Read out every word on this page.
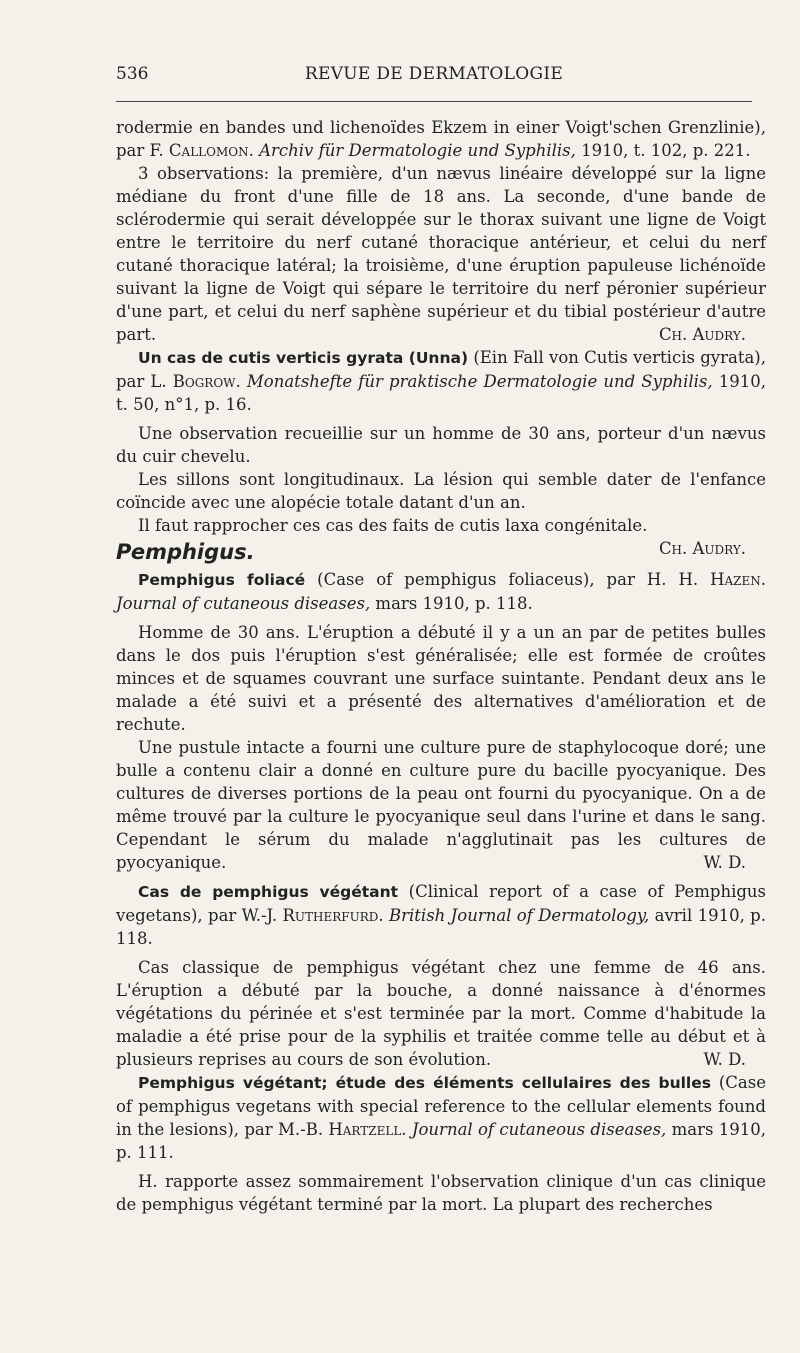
536	REVUE DE DERMATOLOGIE

rodermie en bandes und lichenoïdes Ekzem in einer Voigt'schen Grenzlinie), par F. Callomon. Archiv für Dermatologie und Syphilis, 1910, t. 102, p. 221.

3 observations: la première, d'un nævus linéaire développé sur la ligne médiane du front d'une fille de 18 ans. La seconde, d'une bande de sclérodermie qui serait développée sur le thorax suivant une ligne de Voigt entre le territoire du nerf cutané thoracique antérieur, et celui du nerf cutané thoracique latéral; la troisième, d'une éruption papuleuse lichénoïde suivant la ligne de Voigt qui sépare le territoire du nerf péronier supérieur d'une part, et celui du nerf saphène supérieur et du tibial postérieur d'autre part.	Ch. Audry.

Un cas de cutis verticis gyrata (Unna) (Ein Fall von Cutis verticis gyrata), par L. Bogrow. Monatshefte für praktische Dermatologie und Syphilis, 1910, t. 50, n°1, p. 16.

Une observation recueillie sur un homme de 30 ans, porteur d'un nævus du cuir chevelu.

Les sillons sont longitudinaux. La lésion qui semble dater de l'enfance coïncide avec une alopécie totale datant d'un an.

Il faut rapprocher ces cas des faits de cutis laxa congénitale.
Ch. Audry.

Pemphigus.

Pemphigus foliacé (Case of pemphigus foliaceus), par H. H. Hazen. Journal of cutaneous diseases, mars 1910, p. 118.

Homme de 30 ans. L'éruption a débuté il y a un an par de petites bulles dans le dos puis l'éruption s'est généralisée; elle est formée de croûtes minces et de squames couvrant une surface suintante. Pendant deux ans le malade a été suivi et a présenté des alternatives d'amélioration et de rechute.

Une pustule intacte a fourni une culture pure de staphylocoque doré; une bulle a contenu clair a donné en culture pure du bacille pyocyanique. Des cultures de diverses portions de la peau ont fourni du pyocyanique. On a de même trouvé par la culture le pyocyanique seul dans l'urine et dans le sang. Cependant le sérum du malade n'agglutinait pas les cultures de pyocyanique.	W. D.

Cas de pemphigus végétant (Clinical report of a case of Pemphigus vegetans), par W.-J. Rutherfurd. British Journal of Dermatology, avril 1910, p. 118.

Cas classique de pemphigus végétant chez une femme de 46 ans. L'éruption a débuté par la bouche, a donné naissance à d'énormes végétations du périnée et s'est terminée par la mort. Comme d'habitude la maladie a été prise pour de la syphilis et traitée comme telle au début et à plusieurs reprises au cours de son évolution.	W. D.

Pemphigus végétant; étude des éléments cellulaires des bulles (Case of pemphigus vegetans with special reference to the cellular elements found in the lesions), par M.-B. Hartzell. Journal of cutaneous diseases, mars 1910, p. 111.

H. rapporte assez sommairement l'observation clinique d'un cas clinique de pemphigus végétant terminé par la mort. La plupart des recherches
